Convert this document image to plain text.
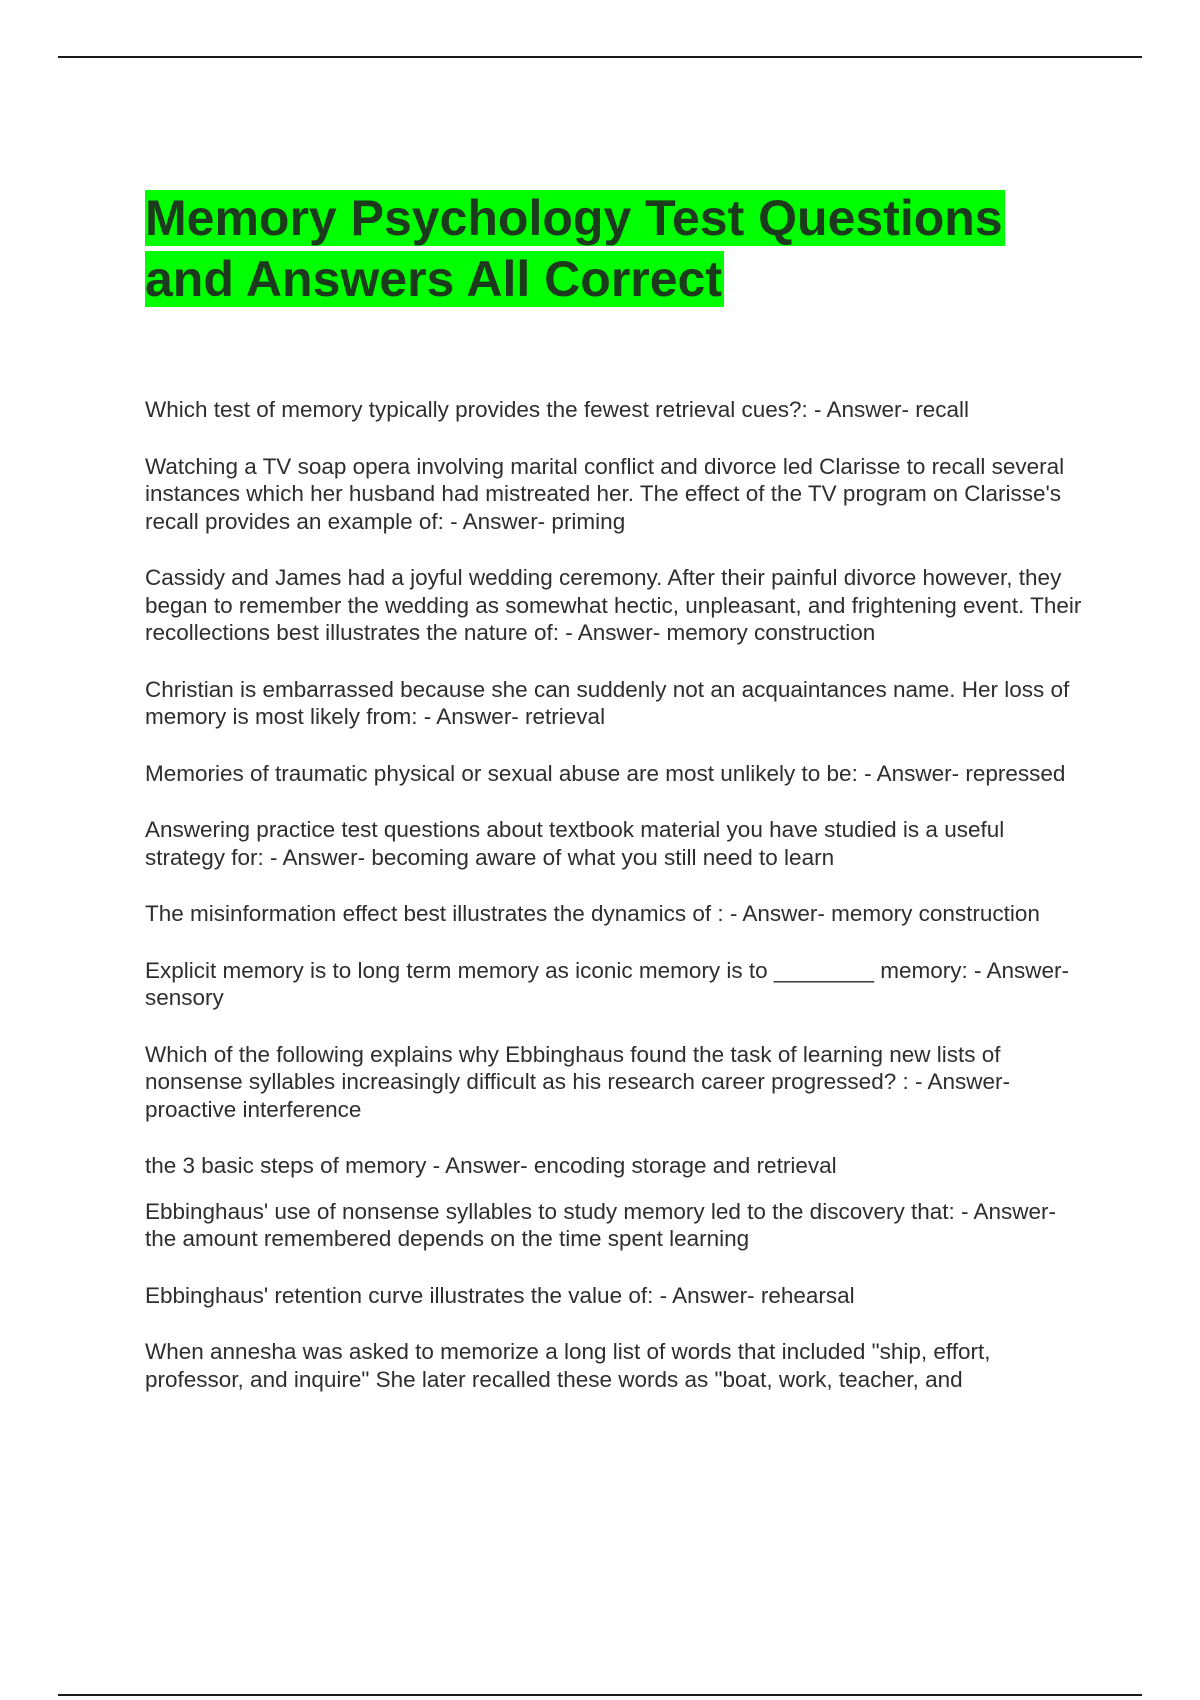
Memory Psychology Test Questions
and Answers All Correct

Which test of memory typically provides the fewest retrieval cues?: - Answer- recall

Watching a TV soap opera involving marital conflict and divorce led Clarisse to recall several instances which her husband had mistreated her. The effect of the TV program on Clarisse's recall provides an example of: - Answer- priming

Cassidy and James had a joyful wedding ceremony. After their painful divorce however, they began to remember the wedding as somewhat hectic, unpleasant, and frightening event. Their recollections best illustrates the nature of: - Answer- memory construction

Christian is embarrassed because she can suddenly not an acquaintances name. Her loss of memory is most likely from: - Answer- retrieval

Memories of traumatic physical or sexual abuse are most unlikely to be: - Answer- repressed

Answering practice test questions about textbook material you have studied is a useful strategy for: - Answer- becoming aware of what you still need to learn

The misinformation effect best illustrates the dynamics of : - Answer- memory construction

Explicit memory is to long term memory as iconic memory is to ________ memory: - Answer- sensory

Which of the following explains why Ebbinghaus found the task of learning new lists of nonsense syllables increasingly difficult as his research career progressed? : - Answer- proactive interference

the 3 basic steps of memory - Answer- encoding storage and retrieval

Ebbinghaus' use of nonsense syllables to study memory led to the discovery that: - Answer- the amount remembered depends on the time spent learning

Ebbinghaus' retention curve illustrates the value of: - Answer- rehearsal

When annesha was asked to memorize a long list of words that included "ship, effort, professor, and inquire" She later recalled these words as "boat, work, teacher, and
